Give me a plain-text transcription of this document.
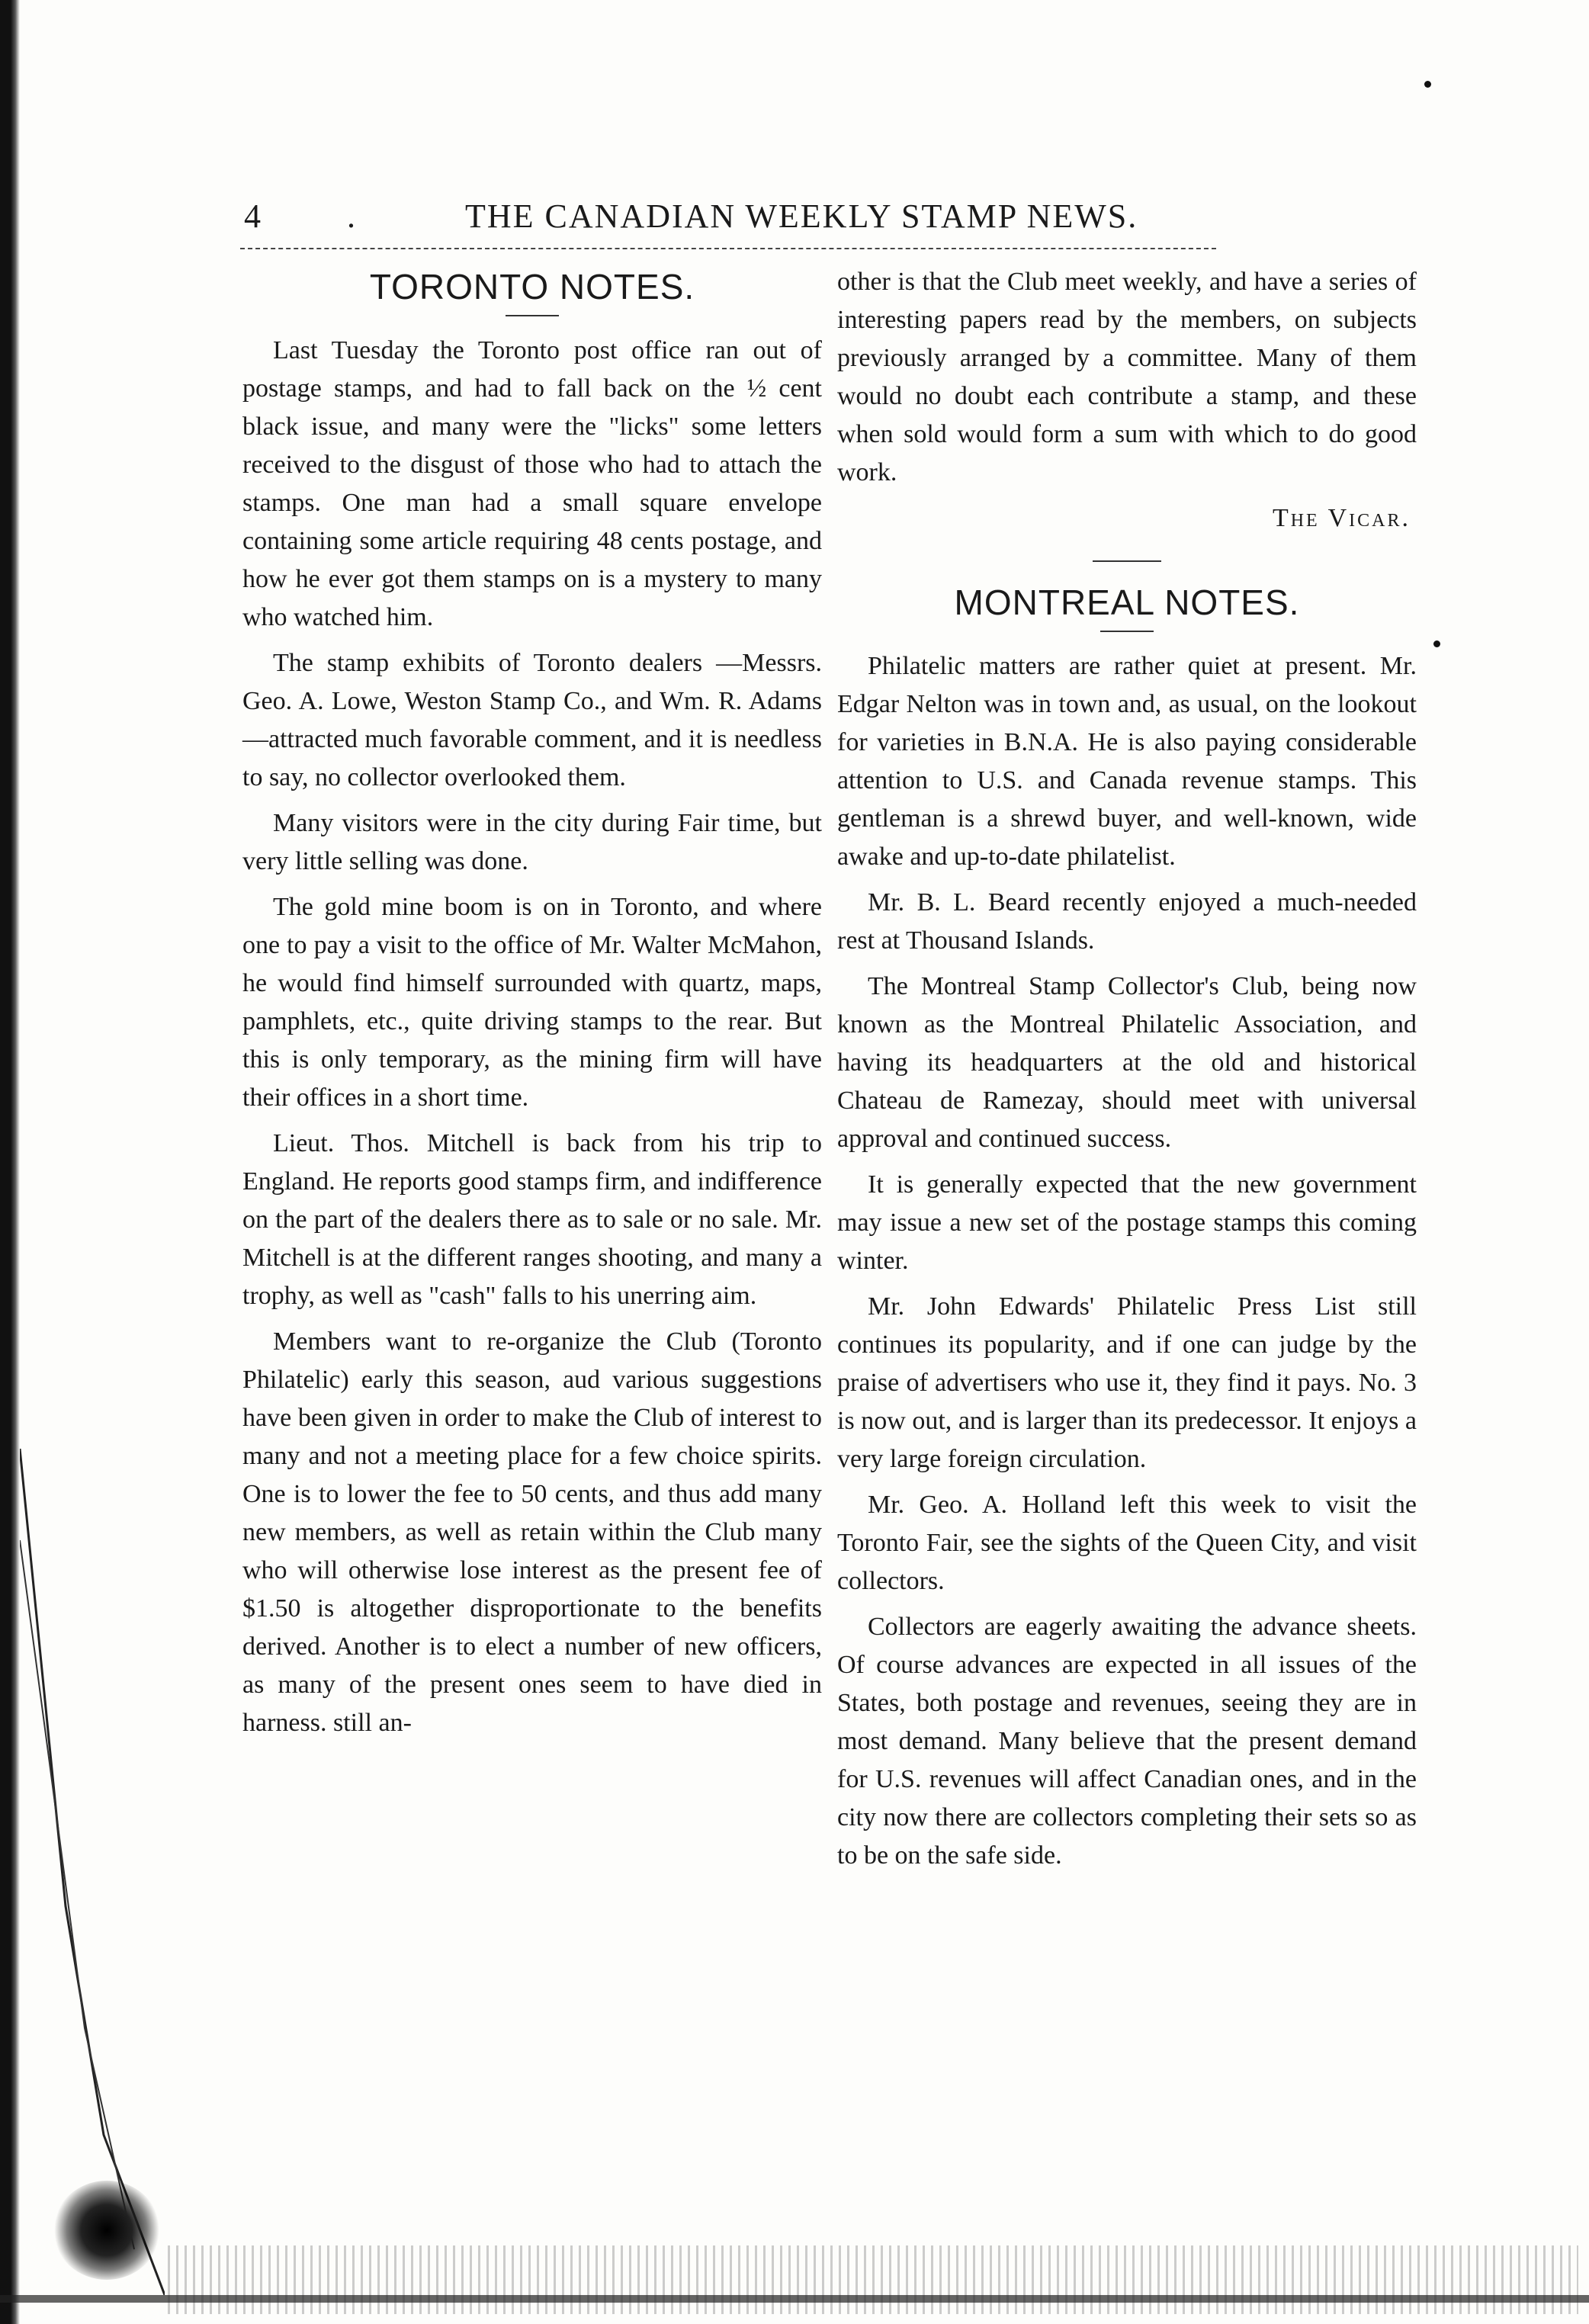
4	.	THE CANADIAN WEEKLY STAMP NEWS.
TORONTO NOTES.

Last Tuesday the Toronto post office ran out of postage stamps, and had to fall back on the ½ cent black issue, and many were the "licks" some letters received to the disgust of those who had to attach the stamps. One man had a small square envelope containing some article requiring 48 cents postage, and how he ever got them stamps on is a mystery to many who watched him.

The stamp exhibits of Toronto dealers —Messrs. Geo. A. Lowe, Weston Stamp Co., and Wm. R. Adams—attracted much favorable comment, and it is needless to say, no collector overlooked them.

Many visitors were in the city during Fair time, but very little selling was done.

The gold mine boom is on in Toronto, and where one to pay a visit to the office of Mr. Walter McMahon, he would find himself surrounded with quartz, maps, pamphlets, etc., quite driving stamps to the rear. But this is only temporary, as the mining firm will have their offices in a short time.

Lieut. Thos. Mitchell is back from his trip to England. He reports good stamps firm, and indifference on the part of the dealers there as to sale or no sale. Mr. Mitchell is at the different ranges shooting, and many a trophy, as well as "cash" falls to his unerring aim.

Members want to re-organize the Club (Toronto Philatelic) early this season, aud various suggestions have been given in order to make the Club of interest to many and not a meeting place for a few choice spirits. One is to lower the fee to 50 cents, and thus add many new members, as well as retain within the Club many who will otherwise lose interest as the present fee of $1.50 is altogether disproportionate to the benefits derived. Another is to elect a number of new officers, as many of the present ones seem to have died in harness. still an-

other is that the Club meet weekly, and have a series of interesting papers read by the members, on subjects previously arranged by a committee. Many of them would no doubt each contribute a stamp, and these when sold would form a sum with which to do good work.

The Vicar.
MONTREAL NOTES.

Philatelic matters are rather quiet at present. Mr. Edgar Nelton was in town and, as usual, on the lookout for varieties in B.N.A. He is also paying considerable attention to U.S. and Canada revenue stamps. This gentleman is a shrewd buyer, and well-known, wide awake and up-to-date philatelist.

Mr. B. L. Beard recently enjoyed a much-needed rest at Thousand Islands.

The Montreal Stamp Collector's Club, being now known as the Montreal Philatelic Association, and having its headquarters at the old and historical Chateau de Ramezay, should meet with universal approval and continued success.

It is generally expected that the new government may issue a new set of the postage stamps this coming winter.

Mr. John Edwards' Philatelic Press List still continues its popularity, and if one can judge by the praise of advertisers who use it, they find it pays. No. 3 is now out, and is larger than its predecessor. It enjoys a very large foreign circulation.

Mr. Geo. A. Holland left this week to visit the Toronto Fair, see the sights of the Queen City, and visit collectors.

Collectors are eagerly awaiting the advance sheets. Of course advances are expected in all issues of the States, both postage and revenues, seeing they are in most demand. Many believe that the present demand for U.S. revenues will affect Canadian ones, and in the city now there are collectors completing their sets so as to be on the safe side.
